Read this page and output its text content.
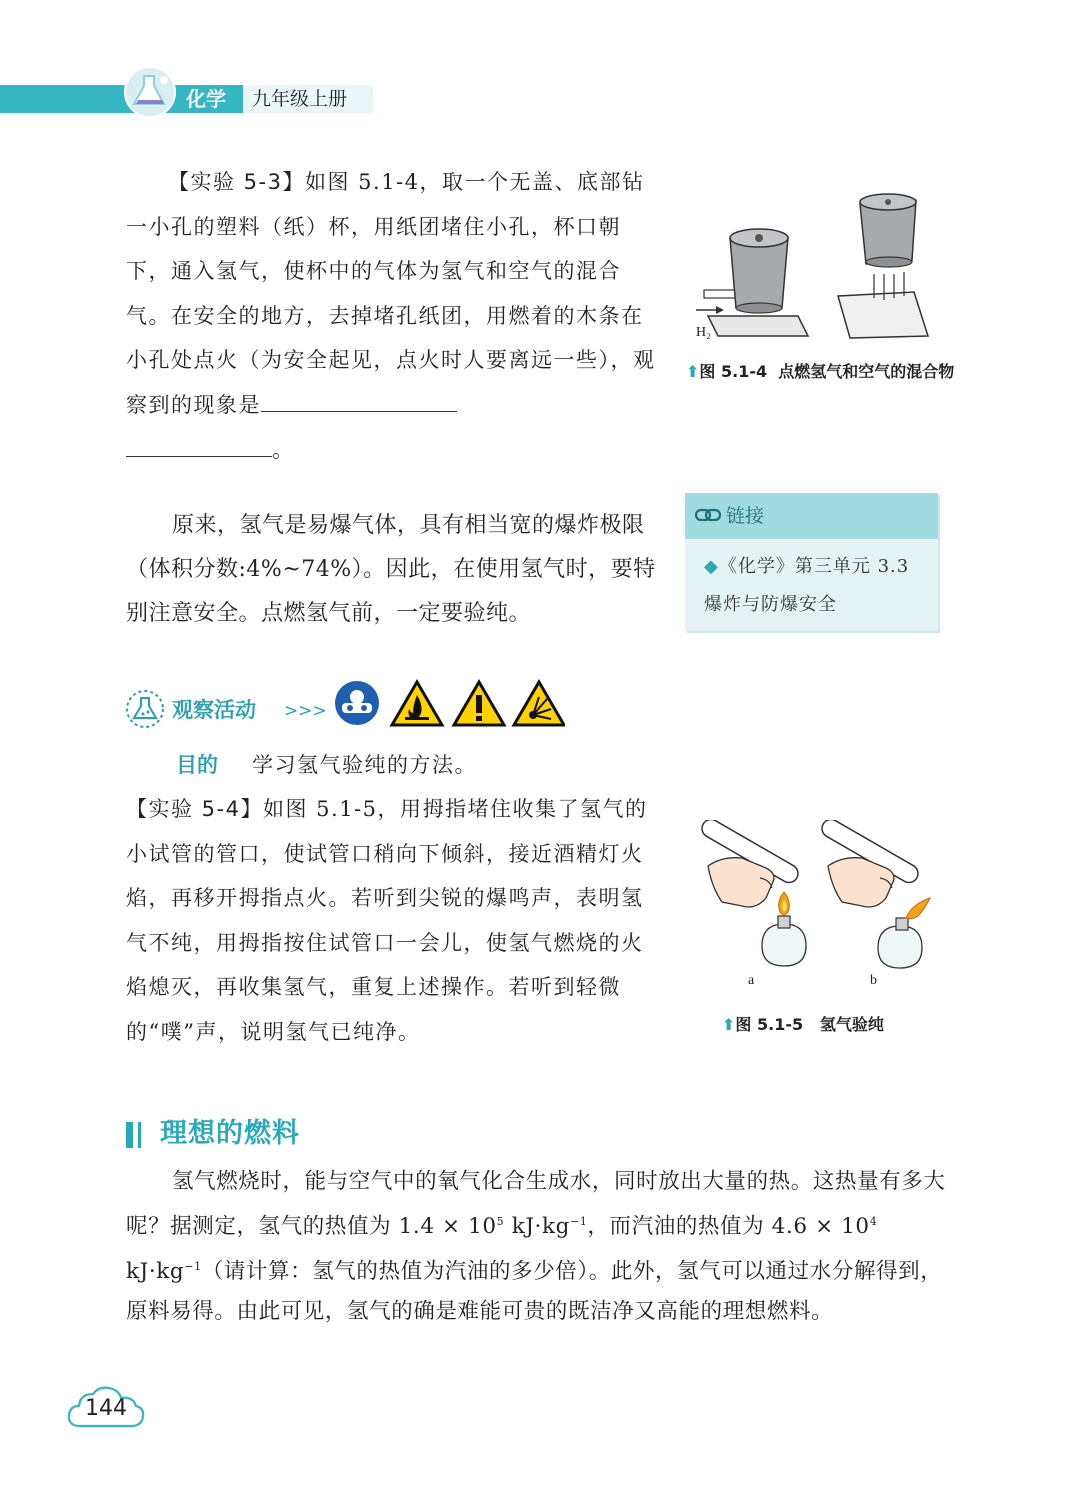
化学 九年级上册
【实验 5-3】如图 5.1-4，取一个无盖、底部钻一小孔的塑料（纸）杯，用纸团堵住小孔，杯口朝下，通入氢气，使杯中的气体为氢气和空气的混合气。在安全的地方，去掉堵孔纸团，用燃着的木条在小孔处点火（为安全起见，点火时人要离远一些），观察到的现象是
。
H₂
⬆图 5.1-4 点燃氢气和空气的混合物
原来，氢气是易爆气体，具有相当宽的爆炸极限（体积分数:4%~74%）。因此，在使用氢气时，要特别注意安全。点燃氢气前，一定要验纯。
链接
◆《化学》第三单元 3.3 爆炸与防爆安全
观察活动 >>>
目的 学习氢气验纯的方法。
【实验 5-4】如图 5.1-5，用拇指堵住收集了氢气的小试管的管口，使试管口稍向下倾斜，接近酒精灯火焰，再移开拇指点火。若听到尖锐的爆鸣声，表明氢气不纯，用拇指按住试管口一会儿，使氢气燃烧的火焰熄灭，再收集氢气，重复上述操作。若听到轻微的“噗”声，说明氢气已纯净。
a	b
⬆图 5.1-5 氢气验纯
理想的燃料
氢气燃烧时，能与空气中的氧气化合生成水，同时放出大量的热。这热量有多大呢？据测定，氢气的热值为 $1.4 \times 10^5$ $kJ\cdot kg^{-1}$，而汽油的热值为 $4.6 \times 10^4$ $kJ\cdot kg^{-1}$（请计算：氢气的热值为汽油的多少倍）。此外，氢气可以通过水分解得到，原料易得。由此可见，氢气的确是难能可贵的既洁净又高能的理想燃料。
144
